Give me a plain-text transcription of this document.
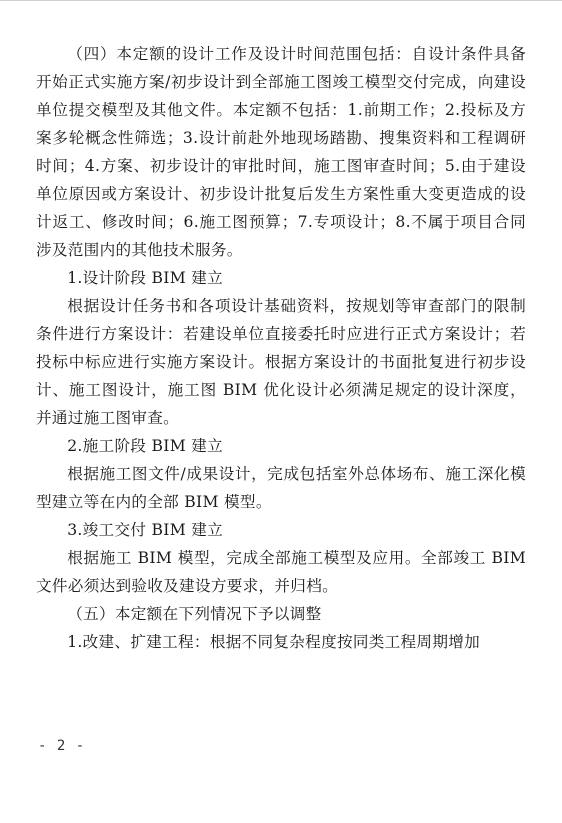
（四）本定额的设计工作及设计时间范围包括：自设计条件具备开始正式实施方案/初步设计到全部施工图竣工模型交付完成，向建设单位提交模型及其他文件。本定额不包括：1.前期工作；2.投标及方案多轮概念性筛选；3.设计前赴外地现场踏勘、搜集资料和工程调研时间；4.方案、初步设计的审批时间，施工图审查时间；5.由于建设单位原因或方案设计、初步设计批复后发生方案性重大变更造成的设计返工、修改时间；6.施工图预算；7.专项设计；8.不属于项目合同涉及范围内的其他技术服务。

1.设计阶段 BIM 建立

根据设计任务书和各项设计基础资料，按规划等审查部门的限制条件进行方案设计：若建设单位直接委托时应进行正式方案设计；若投标中标应进行实施方案设计。根据方案设计的书面批复进行初步设计、施工图设计，施工图 BIM 优化设计必须满足规定的设计深度，并通过施工图审查。

2.施工阶段 BIM 建立

根据施工图文件/成果设计，完成包括室外总体场布、施工深化模型建立等在内的全部 BIM 模型。

3.竣工交付 BIM 建立

根据施工 BIM 模型，完成全部施工模型及应用。全部竣工 BIM 文件必须达到验收及建设方要求，并归档。

（五）本定额在下列情况下予以调整

1.改建、扩建工程：根据不同复杂程度按同类工程周期增加

- 2 -
